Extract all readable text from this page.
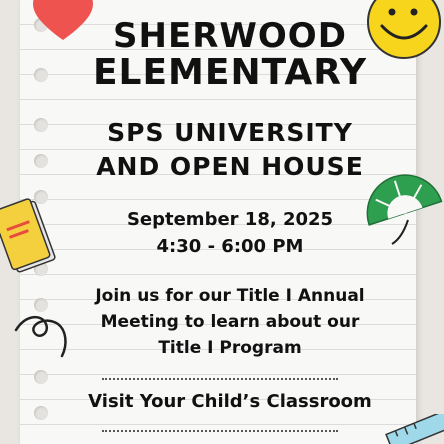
SHERWOOD
ELEMENTARY
SPS UNIVERSITY
AND OPEN HOUSE
September 18, 2025
4:30 - 6:00 PM
Join us for our Title I Annual
Meeting to learn about our
Title I Program
Visit Your Child’s Classroom
